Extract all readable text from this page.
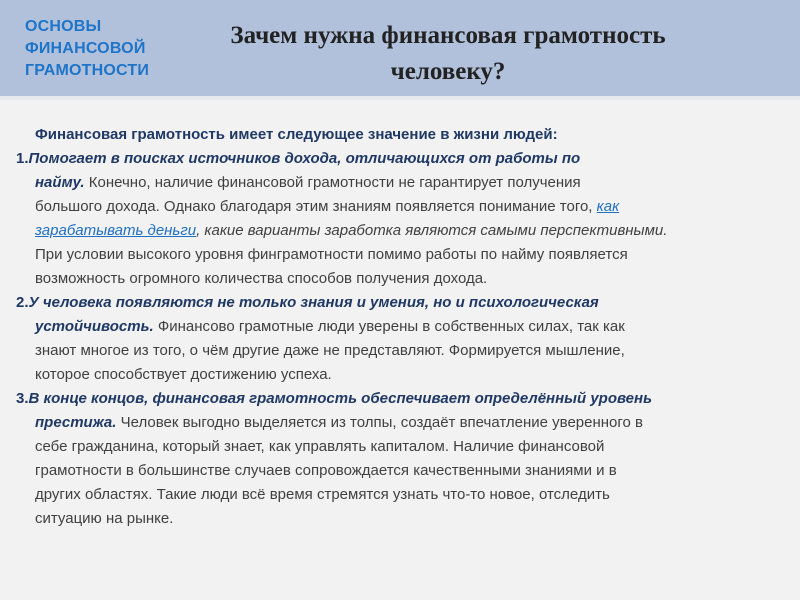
ОСНОВЫ
ФИНАНСОВОЙ
ГРАМОТНОСТИ
Зачем нужна финансовая грамотность
человеку?
Финансовая грамотность имеет следующее значение в жизни людей:
1.Помогает в поисках источников дохода, отличающихся от работы по
найму. Конечно, наличие финансовой грамотности не гарантирует получения
большого дохода. Однако благодаря этим знаниям появляется понимание того, как
зарабатывать деньги, какие варианты заработка являются самыми перспективными.
При условии высокого уровня финграмотности помимо работы по найму появляется
возможность огромного количества способов получения дохода.
2.У человека появляются не только знания и умения, но и психологическая
устойчивость. Финансово грамотные люди уверены в собственных силах, так как
знают многое из того, о чём другие даже не представляют. Формируется мышление,
которое способствует достижению успеха.
3.В конце концов, финансовая грамотность обеспечивает определённый уровень
престижа. Человек выгодно выделяется из толпы, создаёт впечатление уверенного в
себе гражданина, который знает, как управлять капиталом. Наличие финансовой
грамотности в большинстве случаев сопровождается качественными знаниями и в
других областях. Такие люди всё время стремятся узнать что-то новое, отследить
ситуацию на рынке.
